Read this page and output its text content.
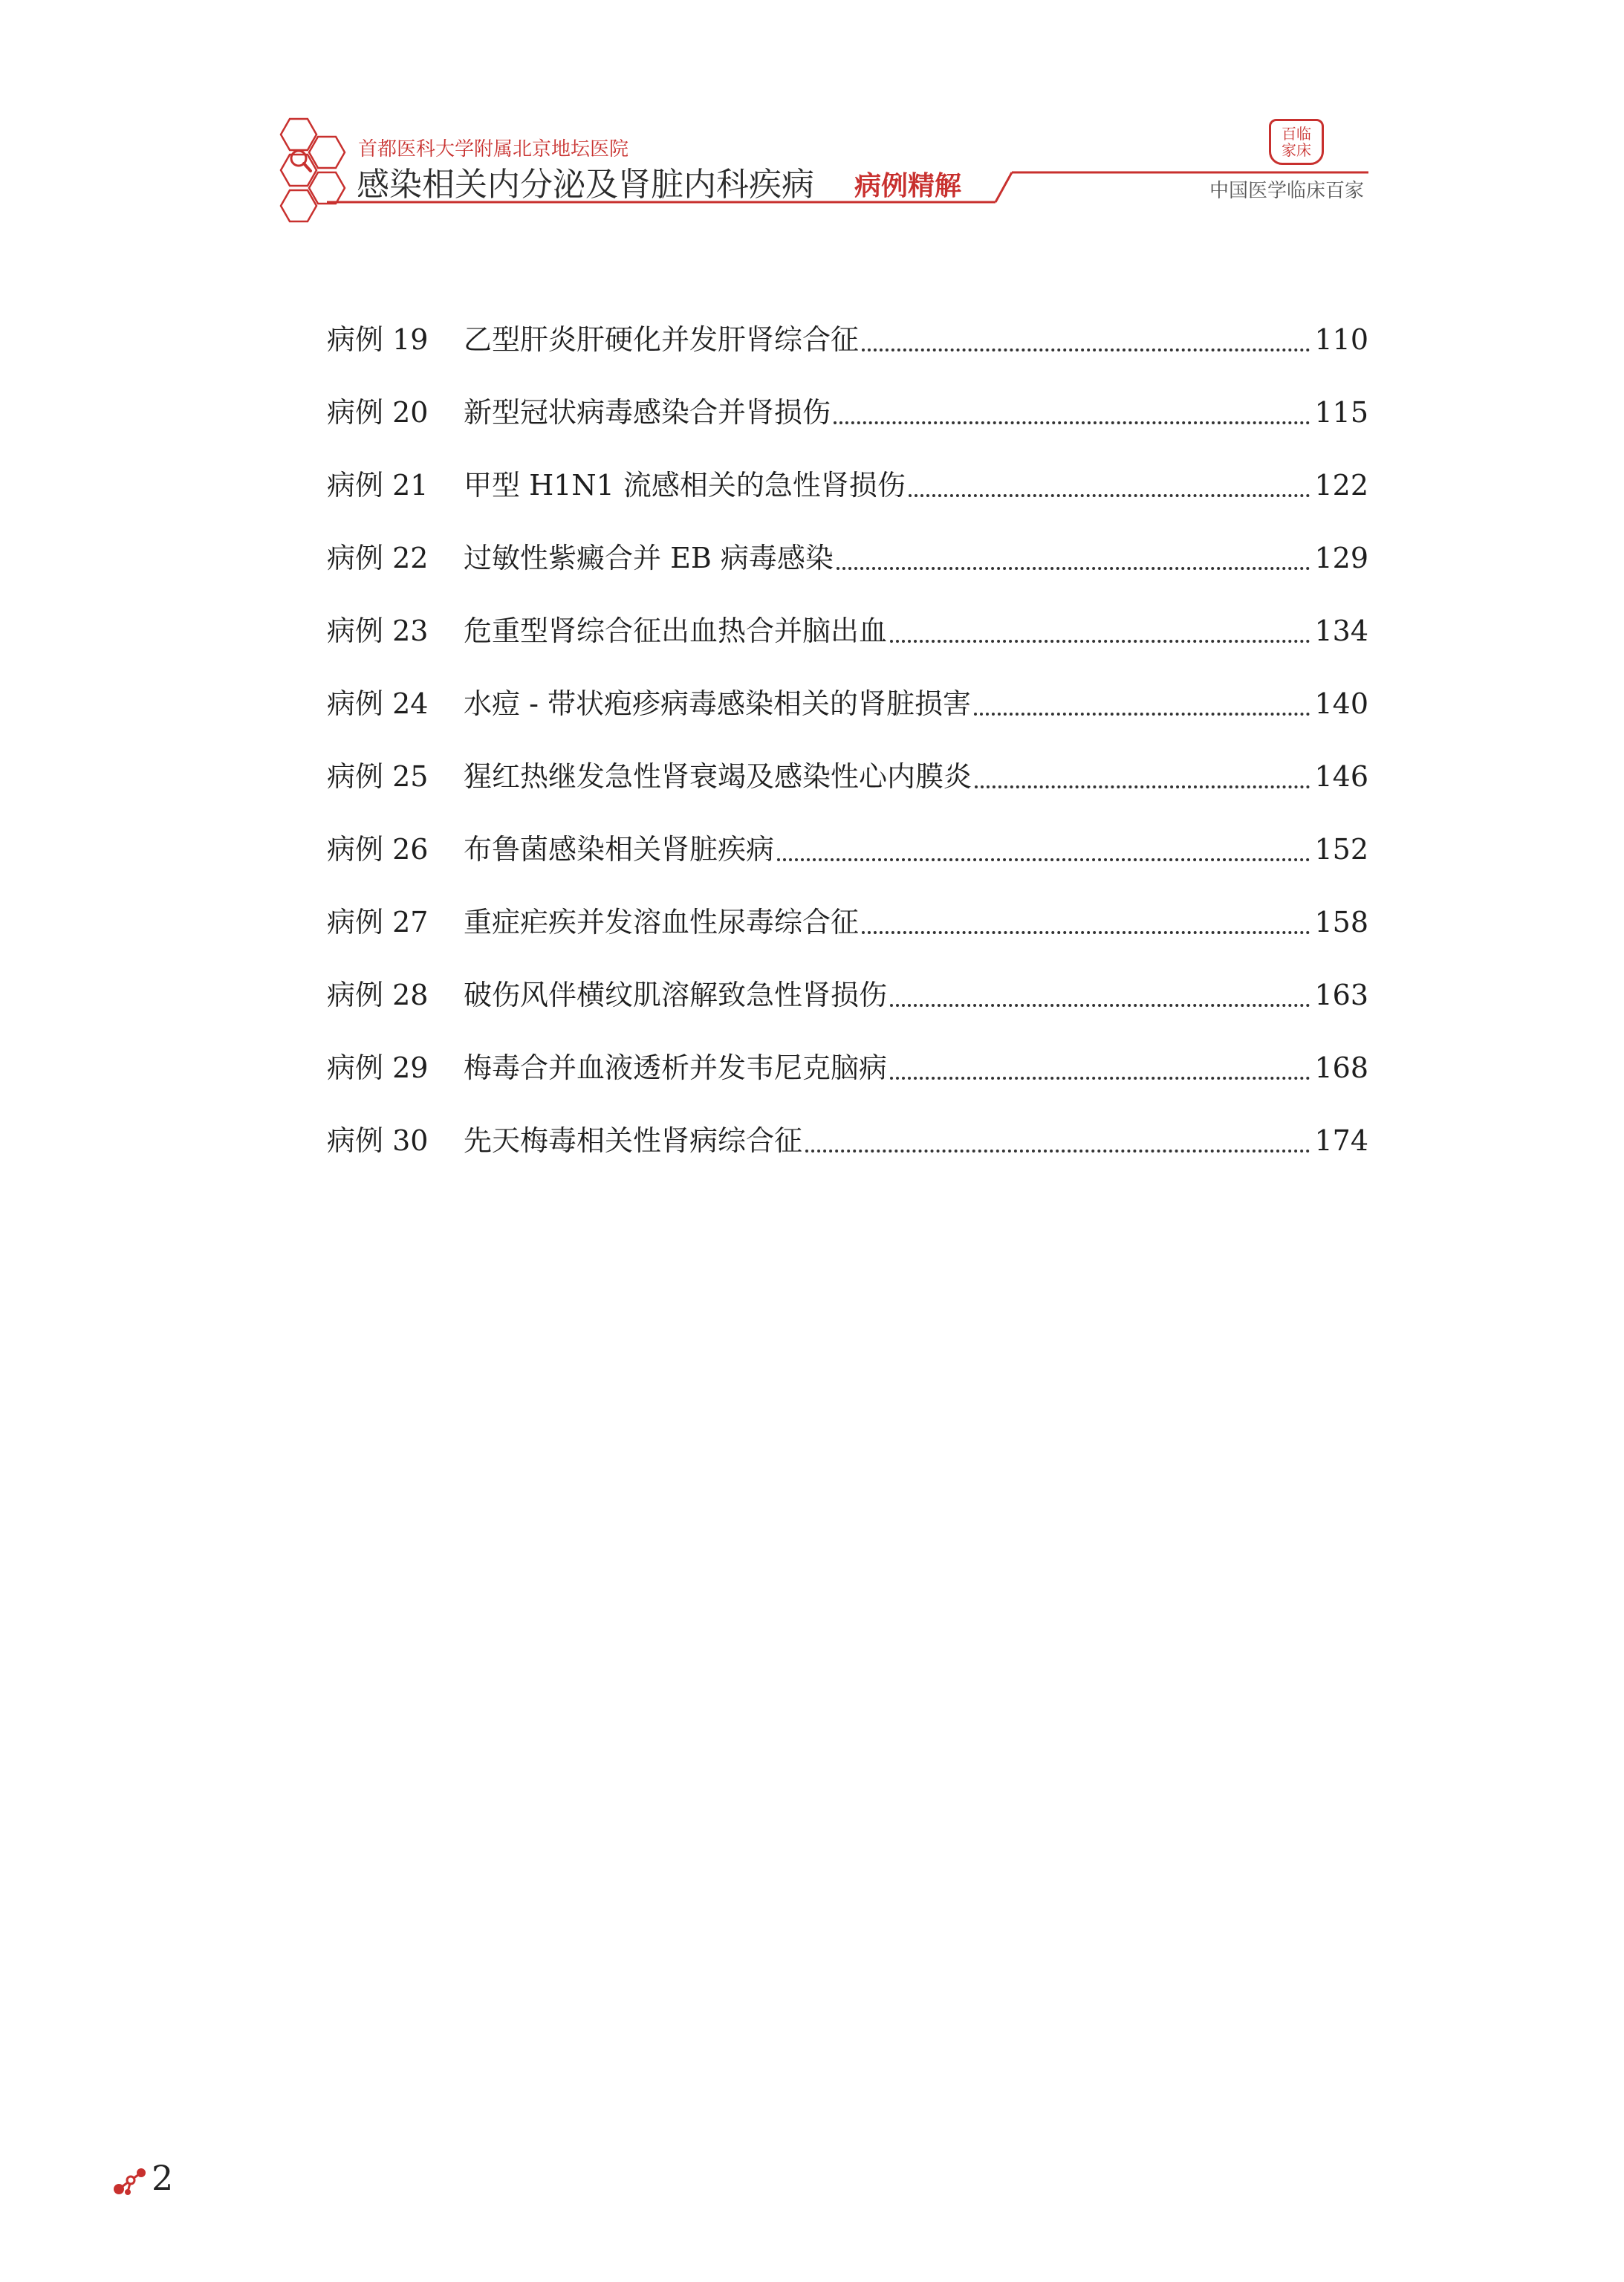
首都医科大学附属北京地坛医院
感染相关内分泌及肾脏内科疾病 病例精解
百临
家床
中国医学临床百家
病例 19	乙型肝炎肝硬化并发肝肾综合征	110
病例 20	新型冠状病毒感染合并肾损伤	115
病例 21	甲型 H1N1 流感相关的急性肾损伤	122
病例 22	过敏性紫癜合并 EB 病毒感染	129
病例 23	危重型肾综合征出血热合并脑出血	134
病例 24	水痘 - 带状疱疹病毒感染相关的肾脏损害	140
病例 25	猩红热继发急性肾衰竭及感染性心内膜炎	146
病例 26	布鲁菌感染相关肾脏疾病	152
病例 27	重症疟疾并发溶血性尿毒综合征	158
病例 28	破伤风伴横纹肌溶解致急性肾损伤	163
病例 29	梅毒合并血液透析并发韦尼克脑病	168
病例 30	先天梅毒相关性肾病综合征	174
2
